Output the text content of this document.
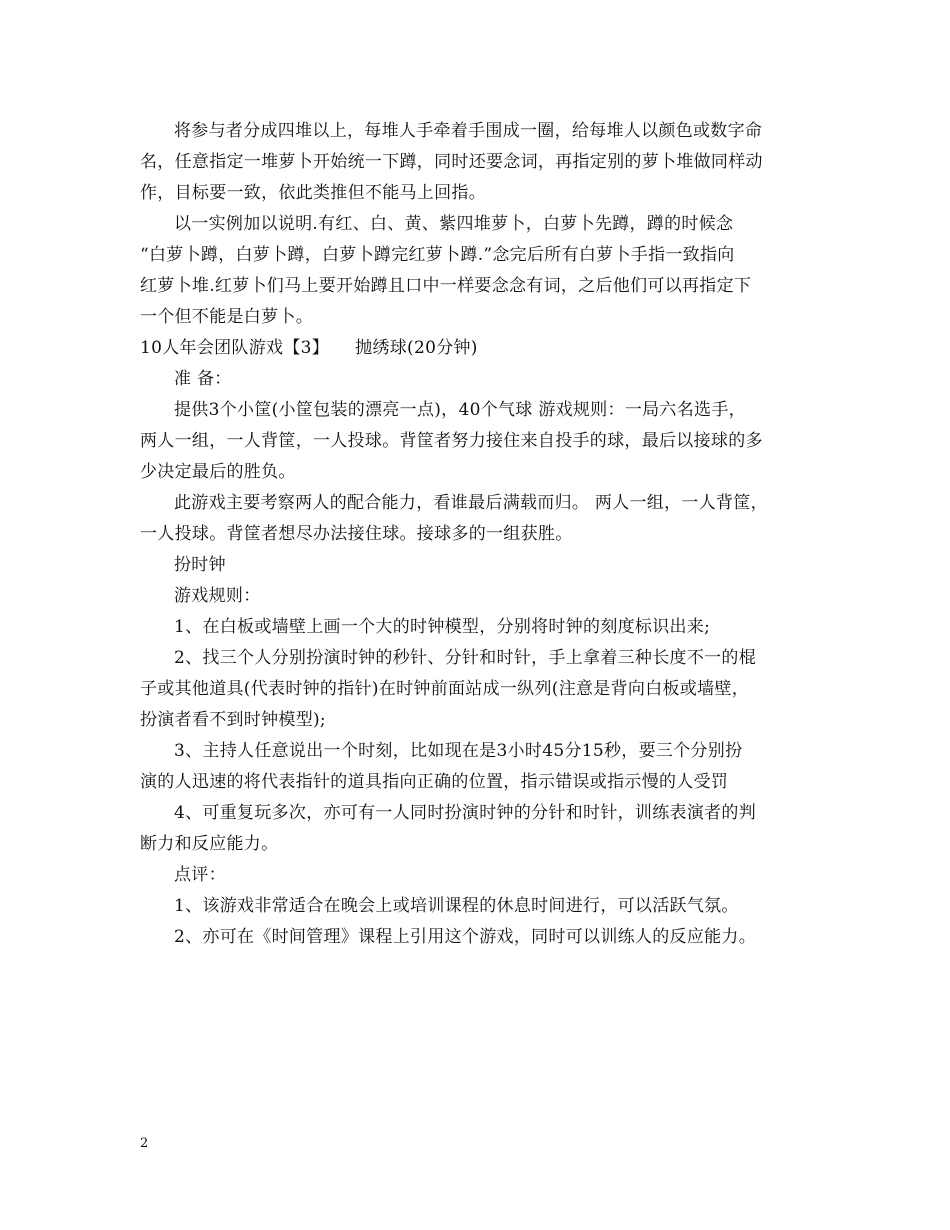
将参与者分成四堆以上，每堆人手牵着手围成一圈，给每堆人以颜色或数字命
名，任意指定一堆萝卜开始统一下蹲，同时还要念词，再指定别的萝卜堆做同样动
作，目标要一致，依此类推但不能马上回指。
以一实例加以说明.有红、白、黄、紫四堆萝卜，白萝卜先蹲，蹲的时候念
“白萝卜蹲，白萝卜蹲，白萝卜蹲完红萝卜蹲.”念完后所有白萝卜手指一致指向
红萝卜堆.红萝卜们马上要开始蹲且口中一样要念念有词，之后他们可以再指定下
一个但不能是白萝卜。
10人年会团队游戏【3】　　抛绣球(20分钟)
准 备：
提供3个小筐(小筐包装的漂亮一点)，40个气球 游戏规则：一局六名选手，
两人一组，一人背筐，一人投球。背筐者努力接住来自投手的球，最后以接球的多
少决定最后的胜负。
此游戏主要考察两人的配合能力，看谁最后满载而归。 两人一组，一人背筐，
一人投球。背筐者想尽办法接住球。接球多的一组获胜。
扮时钟
游戏规则：
1、在白板或墙壁上画一个大的时钟模型，分别将时钟的刻度标识出来;
2、找三个人分别扮演时钟的秒针、分针和时针，手上拿着三种长度不一的棍
子或其他道具(代表时钟的指针)在时钟前面站成一纵列(注意是背向白板或墙壁，
扮演者看不到时钟模型);
3、主持人任意说出一个时刻，比如现在是3小时45分15秒，要三个分别扮
演的人迅速的将代表指针的道具指向正确的位置，指示错误或指示慢的人受罚
4、可重复玩多次，亦可有一人同时扮演时钟的分针和时针，训练表演者的判
断力和反应能力。
点评：
1、该游戏非常适合在晚会上或培训课程的休息时间进行，可以活跃气氛。
2、亦可在《时间管理》课程上引用这个游戏，同时可以训练人的反应能力。
2
